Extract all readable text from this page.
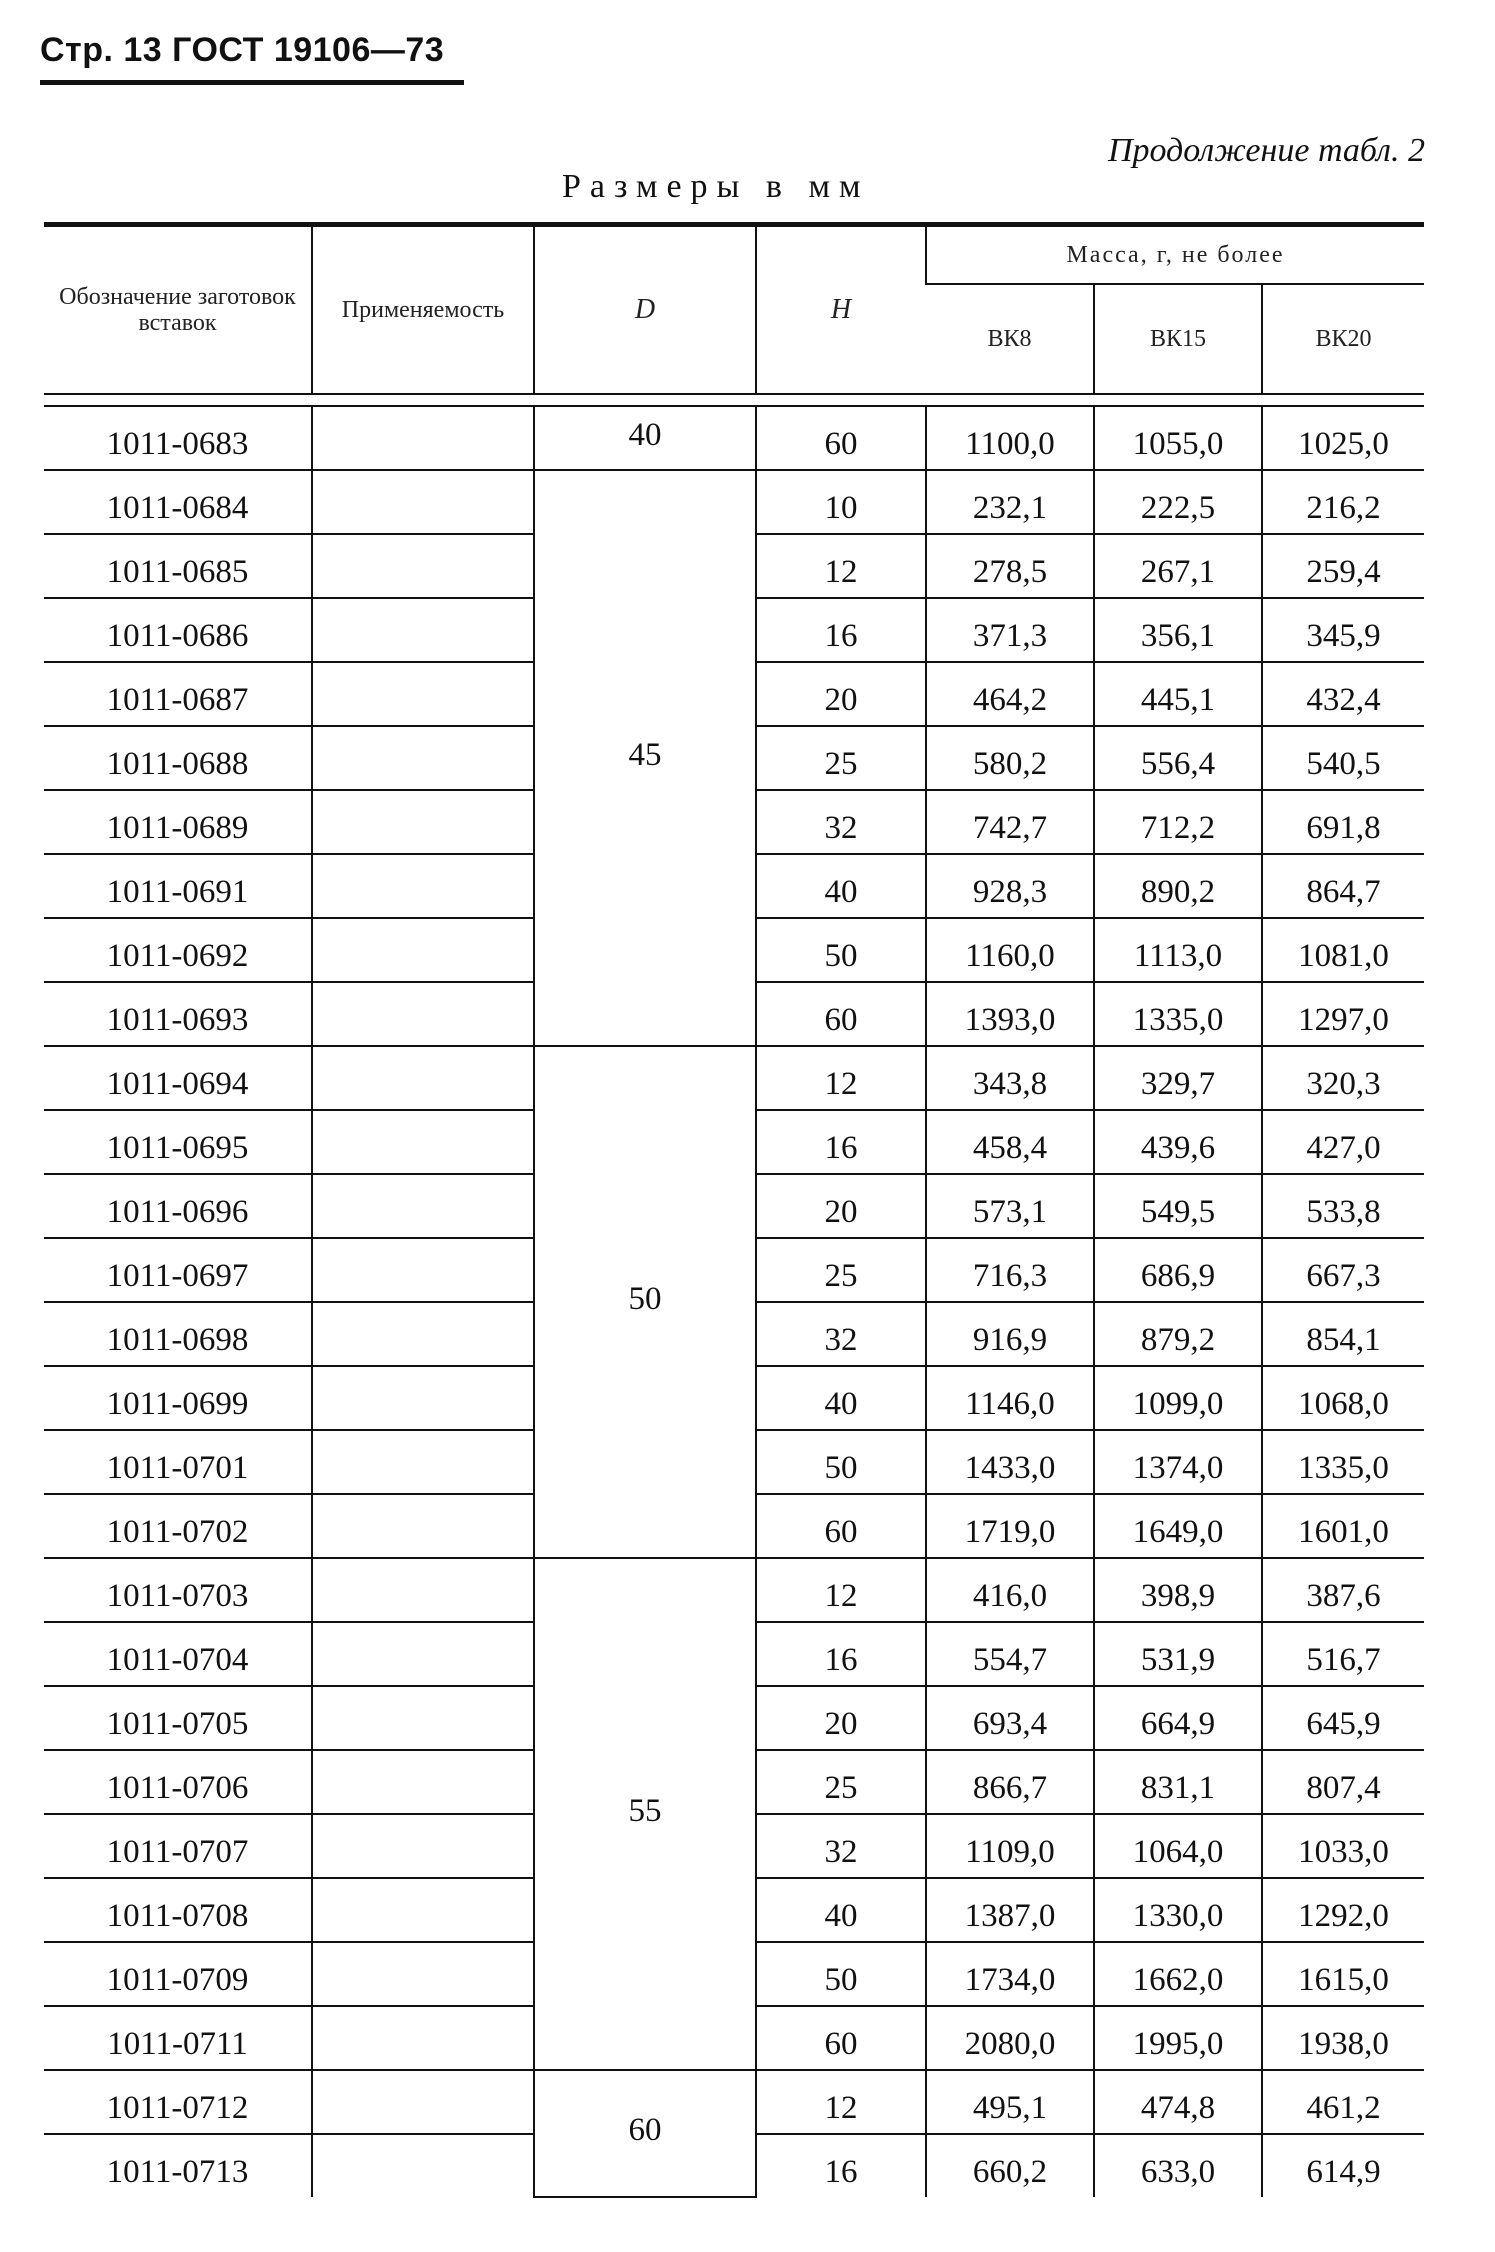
Стр. 13 ГОСТ 19106—73
Продолжение табл. 2
Размеры в мм
Обозначение заготовок вставок	Применяемость	D	H	Масса, г, не более		
				ВК8	ВК15	ВК20

1011-0683		40	60	1100,0	1055,0	1025,0
1011-0684		45	10	232,1	222,5	216,2
1011-0685			12	278,5	267,1	259,4
1011-0686			16	371,3	356,1	345,9
1011-0687			20	464,2	445,1	432,4
1011-0688			25	580,2	556,4	540,5
1011-0689			32	742,7	712,2	691,8
1011-0691			40	928,3	890,2	864,7
1011-0692			50	1160,0	1113,0	1081,0
1011-0693			60	1393,0	1335,0	1297,0
1011-0694		50	12	343,8	329,7	320,3
1011-0695			16	458,4	439,6	427,0
1011-0696			20	573,1	549,5	533,8
1011-0697			25	716,3	686,9	667,3
1011-0698			32	916,9	879,2	854,1
1011-0699			40	1146,0	1099,0	1068,0
1011-0701			50	1433,0	1374,0	1335,0
1011-0702			60	1719,0	1649,0	1601,0
1011-0703		55	12	416,0	398,9	387,6
1011-0704			16	554,7	531,9	516,7
1011-0705			20	693,4	664,9	645,9
1011-0706			25	866,7	831,1	807,4
1011-0707			32	1109,0	1064,0	1033,0
1011-0708			40	1387,0	1330,0	1292,0
1011-0709			50	1734,0	1662,0	1615,0
1011-0711			60	2080,0	1995,0	1938,0
1011-0712		60	12	495,1	474,8	461,2
1011-0713			16	660,2	633,0	614,9
